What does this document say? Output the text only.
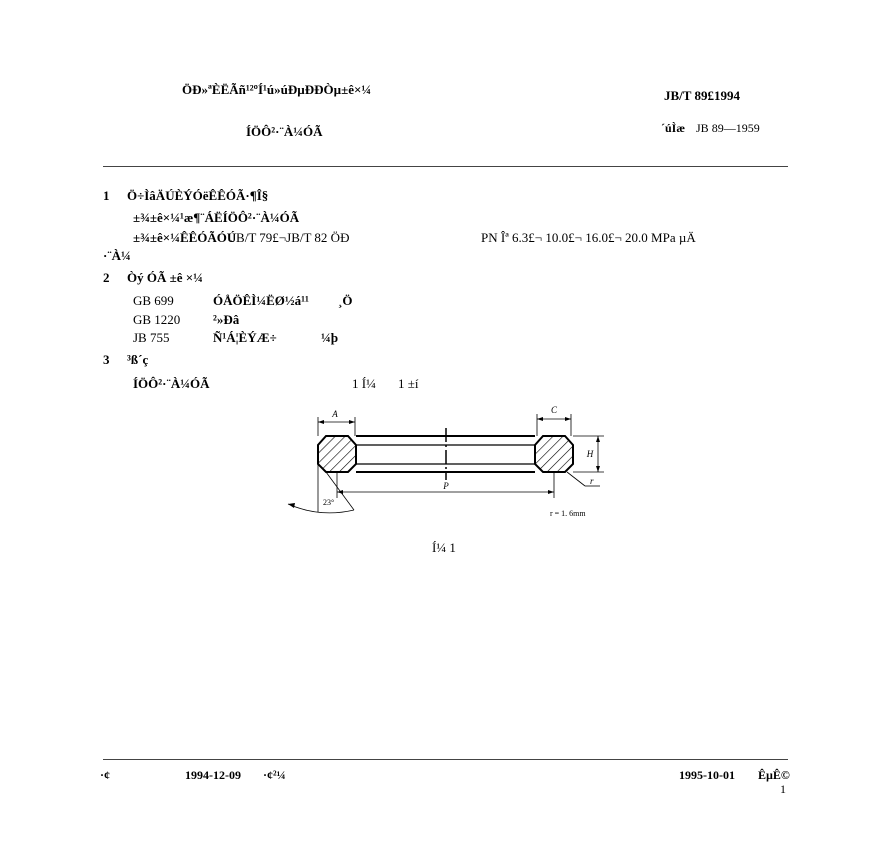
ÖÐ»ªÈËÃñ¹²ºÍ¹ú»úÐµÐÐÒµ±ê×¼	JB/T 89£1994
ÍÖÔ²·¨À¼ÓÃ	´úÌæ JB 89—1959
1 Ö÷ÌâÄÚÈÝÓëÊÊÓÃ·¶Î§
±¾±ê×¼¹æ¶¨ÁËÍÖÔ²·¨À¼ÓÃ
±¾±ê×¼ÊÊÓÃÓÚ
JB/T 79£¬JB/T 82 ÖÐ	PN Îª 6.3£¬ 10.0£¬ 16.0£¬ 20.0 MPa µÄ
·¨À¼
2 Òý ÓÃ ±ê ×¼
GB 699	ÓÅÖÊÌ¼ËØ½á¹¹ ¸Ö
GB 1220	²»Ðâ
JB 755	Ñ¹Á¦ÈÝÆ÷	¼þ
3 ³ß´ç
ÍÖÔ²·¨À¼ÓÃ	1 Í¼ 1 ±í
A	C
H
r
P
23°
r = 1. 6mm
Í¼ 1
·¢	1994-12-09 ·¢²¼	1995-10-01 ÊµÊ©
1
